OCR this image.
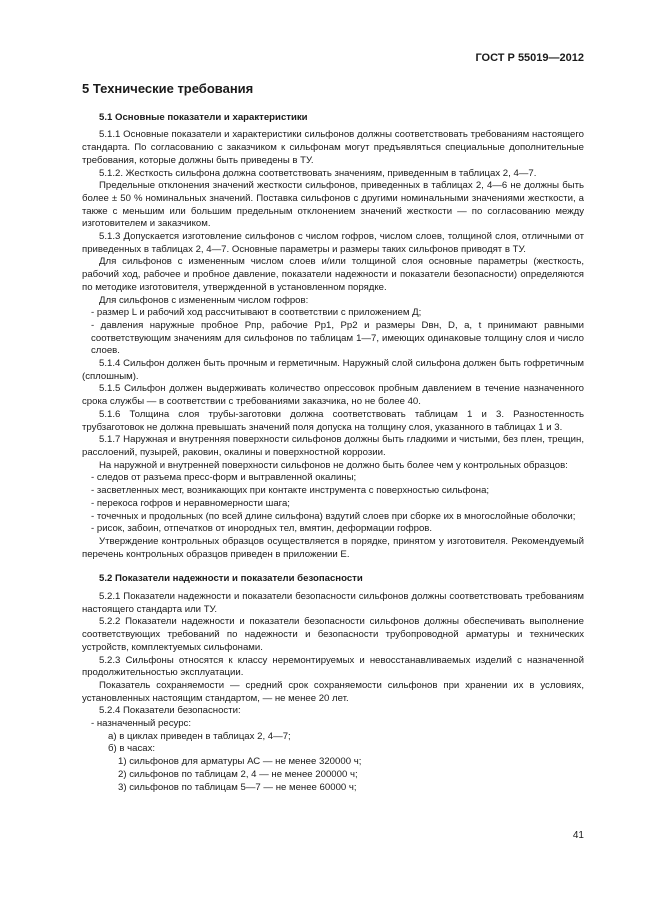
ГОСТ Р 55019—2012
5 Технические требования
5.1 Основные показатели и характеристики

5.1.1 Основные показатели и характеристики сильфонов должны соответствовать требованиям настоящего стандарта. По согласованию с заказчиком к сильфонам могут предъявляться специальные дополнительные требования, которые должны быть приведены в ТУ.

5.1.2. Жесткость сильфона должна соответствовать значениям, приведенным в таблицах 2, 4—7.

Предельные отклонения значений жесткости сильфонов, приведенных в таблицах 2, 4—6 не должны быть более ± 50 % номинальных значений. Поставка сильфонов с другими номинальными значениями жесткости, а также с меньшим или большим предельным отклонением значений жесткости — по согласованию между изготовителем и заказчиком.

5.1.3 Допускается изготовление сильфонов с числом гофров, числом слоев, толщиной слоя, отличными от приведенных в таблицах 2, 4—7. Основные параметры и размеры таких сильфонов приводят в ТУ.

Для сильфонов с измененным числом слоев и/или толщиной слоя основные параметры (жесткость, рабочий ход, рабочее и пробное давление, показатели надежности и показатели безопасности) определяются по методике изготовителя, утвержденной в установленном порядке.

Для сильфонов с измененным числом гофров:

- размер L и рабочий ход рассчитывают в соответствии с приложением Д;

- давления наружные пробное Pпр, рабочие Pр1, Pр2 и размеры Dвн, D, a, t принимают равными соответствующим значениям для сильфонов по таблицам 1—7, имеющих одинаковые толщину слоя и число слоев.

5.1.4 Сильфон должен быть прочным и герметичным. Наружный слой сильфона должен быть гофретичным (сплошным).

5.1.5 Сильфон должен выдерживать количество опрессовок пробным давлением в течение назначенного срока службы — в соответствии с требованиями заказчика, но не более 40.

5.1.6 Толщина слоя трубы-заготовки должна соответствовать таблицам 1 и 3. Разностенность трубзаготовок не должна превышать значений поля допуска на толщину слоя, указанного в таблицах 1 и 3.

5.1.7 Наружная и внутренняя поверхности сильфонов должны быть гладкими и чистыми, без плен, трещин, расслоений, пузырей, раковин, окалины и поверхностной коррозии.

На наружной и внутренней поверхности сильфонов не должно быть более чем у контрольных образцов:

- следов от разъема пресс-форм и вытравленной окалины;

- засветленных мест, возникающих при контакте инструмента с поверхностью сильфона;

- перекоса гофров и неравномерности шага;

- точечных и продольных (по всей длине сильфона) вздутий слоев при сборке их в многослойные оболочки;

- рисок, забоин, отпечатков от инородных тел, вмятин, деформации гофров.

Утверждение контрольных образцов осуществляется в порядке, принятом у изготовителя. Рекомендуемый перечень контрольных образцов приведен в приложении Е.

5.2 Показатели надежности и показатели безопасности

5.2.1 Показатели надежности и показатели безопасности сильфонов должны соответствовать требованиям настоящего стандарта или ТУ.

5.2.2 Показатели надежности и показатели безопасности сильфонов должны обеспечивать выполнение соответствующих требований по надежности и безопасности трубопроводной арматуры и технических устройств, комплектуемых сильфонами.

5.2.3 Сильфоны относятся к классу неремонтируемых и невосстанавливаемых изделий с назначенной продолжительностью эксплуатации.

Показатель сохраняемости — средний срок сохраняемости сильфонов при хранении их в условиях, установленных настоящим стандартом, — не менее 20 лет.

5.2.4 Показатели безопасности:

- назначенный ресурс:

а) в циклах приведен в таблицах 2, 4—7;

б) в часах:

1) сильфонов для арматуры АС — не менее 320000 ч;

2) сильфонов по таблицам 2, 4 — не менее 200000 ч;

3) сильфонов по таблицам 5—7 — не менее 60000 ч;

41
